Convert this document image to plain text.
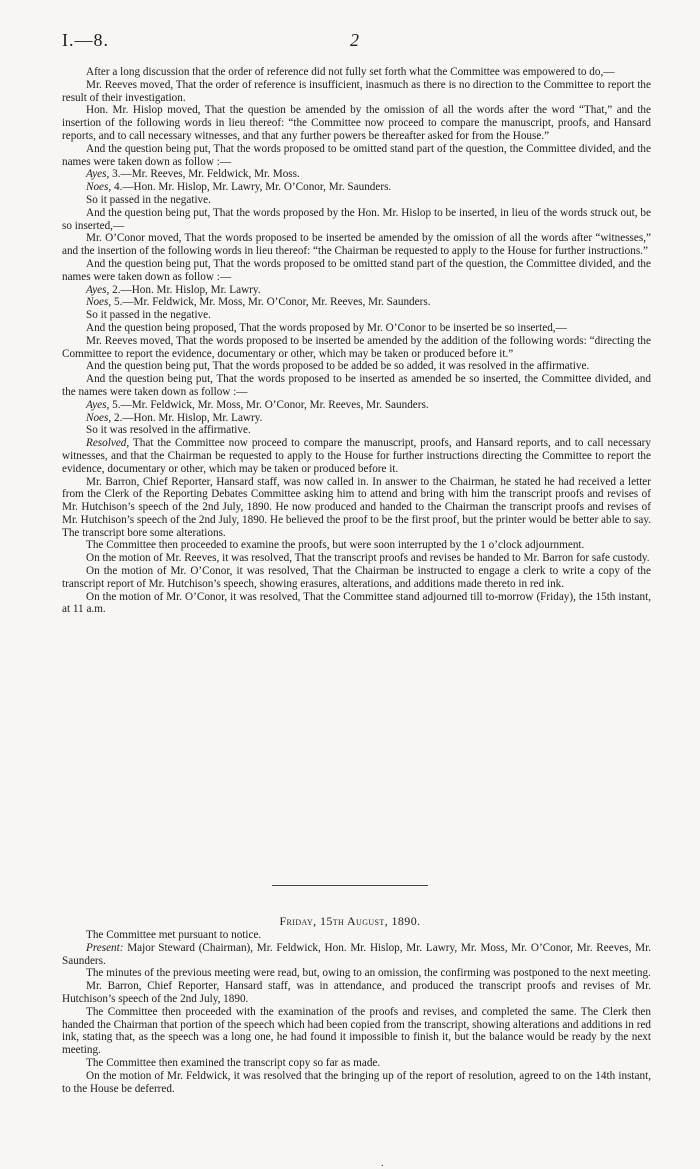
I.—8.	2

After a long discussion that the order of reference did not fully set forth what the Committee was empowered to do,—

Mr. Reeves moved, That the order of reference is insufficient, inasmuch as there is no direction to the Committee to report the result of their investigation.

Hon. Mr. Hislop moved, That the question be amended by the omission of all the words after the word “That,” and the insertion of the following words in lieu thereof: “the Committee now proceed to compare the manuscript, proofs, and Hansard reports, and to call necessary witnesses, and that any further powers be thereafter asked for from the House.”

And the question being put, That the words proposed to be omitted stand part of the question, the Committee divided, and the names were taken down as follow :—

Ayes, 3.—Mr. Reeves, Mr. Feldwick, Mr. Moss.

Noes, 4.—Hon. Mr. Hislop, Mr. Lawry, Mr. O’Conor, Mr. Saunders.

So it passed in the negative.

And the question being put, That the words proposed by the Hon. Mr. Hislop to be inserted, in lieu of the words struck out, be so inserted,—

Mr. O’Conor moved, That the words proposed to be inserted be amended by the omission of all the words after “witnesses,” and the insertion of the following words in lieu thereof: “the Chairman be requested to apply to the House for further instructions.”

And the question being put, That the words proposed to be omitted stand part of the question, the Committee divided, and the names were taken down as follow :—

Ayes, 2.—Hon. Mr. Hislop, Mr. Lawry.

Noes, 5.—Mr. Feldwick, Mr. Moss, Mr. O’Conor, Mr. Reeves, Mr. Saunders.

So it passed in the negative.

And the question being proposed, That the words proposed by Mr. O’Conor to be inserted be so inserted,—

Mr. Reeves moved, That the words proposed to be inserted be amended by the addition of the following words: “directing the Committee to report the evidence, documentary or other, which may be taken or produced before it.”

And the question being put, That the words proposed to be added be so added, it was resolved in the affirmative.

And the question being put, That the words proposed to be inserted as amended be so inserted, the Committee divided, and the names were taken down as follow :—

Ayes, 5.—Mr. Feldwick, Mr. Moss, Mr. O’Conor, Mr. Reeves, Mr. Saunders.

Noes, 2.—Hon. Mr. Hislop, Mr. Lawry.

So it was resolved in the affirmative.

Resolved, That the Committee now proceed to compare the manuscript, proofs, and Hansard reports, and to call necessary witnesses, and that the Chairman be requested to apply to the House for further instructions directing the Committee to report the evidence, documentary or other, which may be taken or produced before it.

Mr. Barron, Chief Reporter, Hansard staff, was now called in. In answer to the Chairman, he stated he had received a letter from the Clerk of the Reporting Debates Committee asking him to attend and bring with him the transcript proofs and revises of Mr. Hutchison’s speech of the 2nd July, 1890. He now produced and handed to the Chairman the transcript proofs and revises of Mr. Hutchison’s speech of the 2nd July, 1890. He believed the proof to be the first proof, but the printer would be better able to say. The transcript bore some alterations.

The Committee then proceeded to examine the proofs, but were soon interrupted by the 1 o’clock adjournment.

On the motion of Mr. Reeves, it was resolved, That the transcript proofs and revises be handed to Mr. Barron for safe custody.

On the motion of Mr. O’Conor, it was resolved, That the Chairman be instructed to engage a clerk to write a copy of the transcript report of Mr. Hutchison’s speech, showing erasures, alterations, and additions made thereto in red ink.

On the motion of Mr. O’Conor, it was resolved, That the Committee stand adjourned till to-morrow (Friday), the 15th instant, at 11 a.m.

Friday, 15th August, 1890.

The Committee met pursuant to notice.

Present: Major Steward (Chairman), Mr. Feldwick, Hon. Mr. Hislop, Mr. Lawry, Mr. Moss, Mr. O’Conor, Mr. Reeves, Mr. Saunders.

The minutes of the previous meeting were read, but, owing to an omission, the confirming was postponed to the next meeting.

Mr. Barron, Chief Reporter, Hansard staff, was in attendance, and produced the transcript proofs and revises of Mr. Hutchison’s speech of the 2nd July, 1890.

The Committee then proceeded with the examination of the proofs and revises, and completed the same. The Clerk then handed the Chairman that portion of the speech which had been copied from the transcript, showing alterations and additions in red ink, stating that, as the speech was a long one, he had found it impossible to finish it, but the balance would be ready by the next meeting.

The Committee then examined the transcript copy so far as made.

On the motion of Mr. Feldwick, it was resolved that the bringing up of the report of resolution, agreed to on the 14th instant, to the House be deferred.

.
